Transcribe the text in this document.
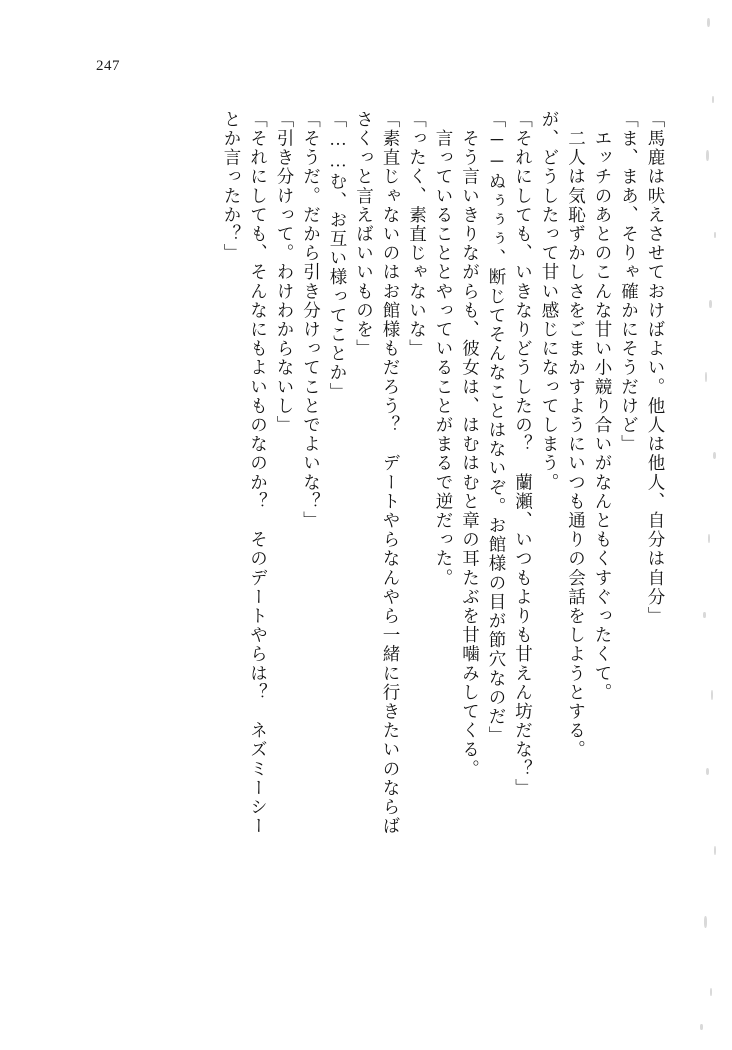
247
とか言ったか？」 「それにしても、そんなにもよいものなのか？　そのデートやらは？　ネズミーシー 「引き分けって。わけわからないし」 「そうだ。だから引き分けってことでよいな？」 「……む、お互い様ってことか」 さくっと言えばいいものを」 「素直じゃないのはお館様もだろう？　デートやらなんやら一緒に行きたいのならば 「ったく、素直じゃないな」 　言っていることとやっていることがまるで逆だった。 　そう言いきりながらも、彼女は、はむはむと章の耳たぶを甘噛みしてくる。 「──ぬぅぅぅ、断じてそんなことはないぞ。お館様の目が節穴なのだ」 「それにしても、いきなりどうしたの？　蘭瀬、いつもよりも甘えん坊だな？」 が、どうしたって甘い感じになってしまう。 　二人は気恥ずかしさをごまかすようにいつも通りの会話をしようとする。 　エッチのあとのこんな甘い小競り合いがなんともくすぐったくて。 「ま、まあ、そりゃ確かにそうだけど」 「馬鹿は吠えさせておけばよい。他人は他人、自分は自分」
